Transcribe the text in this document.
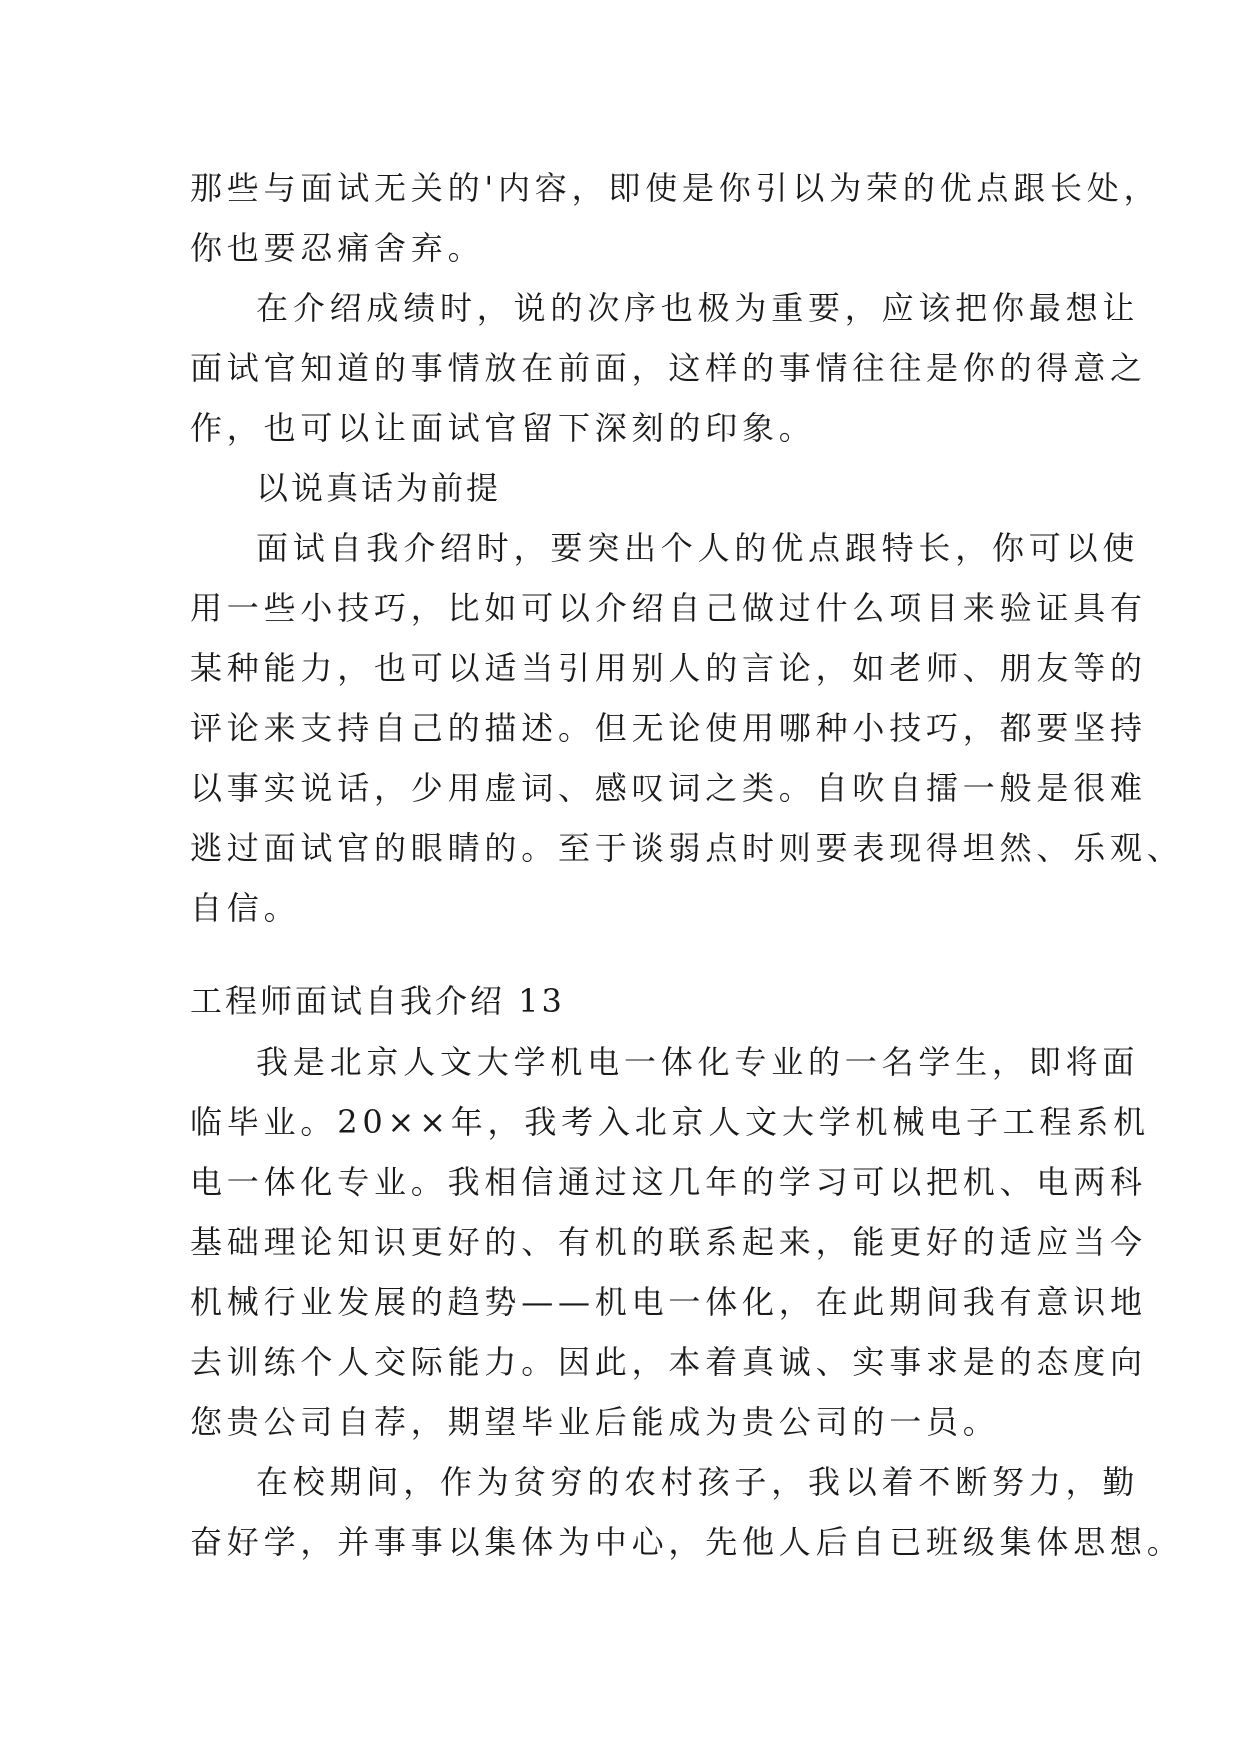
那些与面试无关的'内容，即使是你引以为荣的优点跟长处，
你也要忍痛舍弃。
在介绍成绩时，说的次序也极为重要，应该把你最想让
面试官知道的事情放在前面，这样的事情往往是你的得意之
作，也可以让面试官留下深刻的印象。
以说真话为前提
面试自我介绍时，要突出个人的优点跟特长，你可以使
用一些小技巧，比如可以介绍自己做过什么项目来验证具有
某种能力，也可以适当引用别人的言论，如老师、朋友等的
评论来支持自己的描述。但无论使用哪种小技巧，都要坚持
以事实说话，少用虚词、感叹词之类。自吹自擂一般是很难
逃过面试官的眼睛的。至于谈弱点时则要表现得坦然、乐观、
自信。
工程师面试自我介绍 13
我是北京人文大学机电一体化专业的一名学生，即将面
临毕业。20××年，我考入北京人文大学机械电子工程系机
电一体化专业。我相信通过这几年的学习可以把机、电两科
基础理论知识更好的、有机的联系起来，能更好的适应当今
机械行业发展的趋势——机电一体化，在此期间我有意识地
去训练个人交际能力。因此，本着真诚、实事求是的态度向
您贵公司自荐，期望毕业后能成为贵公司的一员。
在校期间，作为贫穷的农村孩子，我以着不断努力，勤
奋好学，并事事以集体为中心，先他人后自已班级集体思想。
